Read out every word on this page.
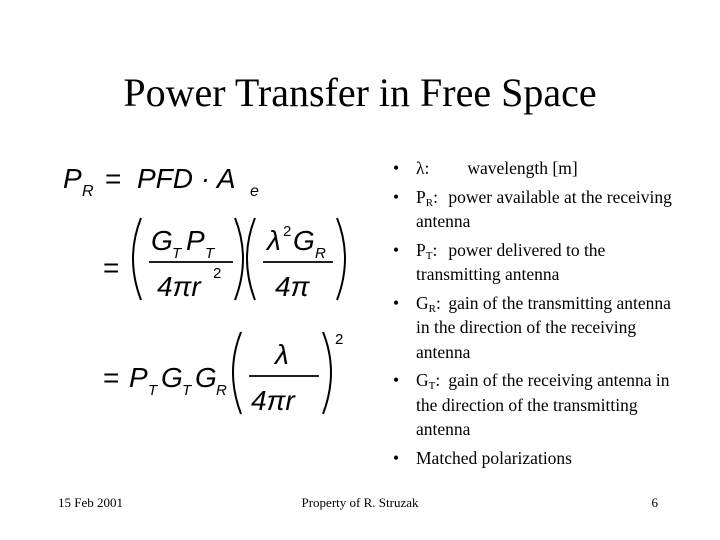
Power Transfer in Free Space
P R = PFD · A e
=
G T P T
4πr 2
λ 2 G R
4π
= P T G T G R
λ
4πr
2
• λ: wavelength [m]
• $P_R$: power available at the receiving antenna
• $P_T$: power delivered to the transmitting antenna
• $G_R$: gain of the transmitting antenna in the direction of the receiving antenna
• $G_T$: gain of the receiving antenna in the direction of the transmitting antenna
• Matched polarizations
15 Feb 2001	Property of R. Struzak	6
